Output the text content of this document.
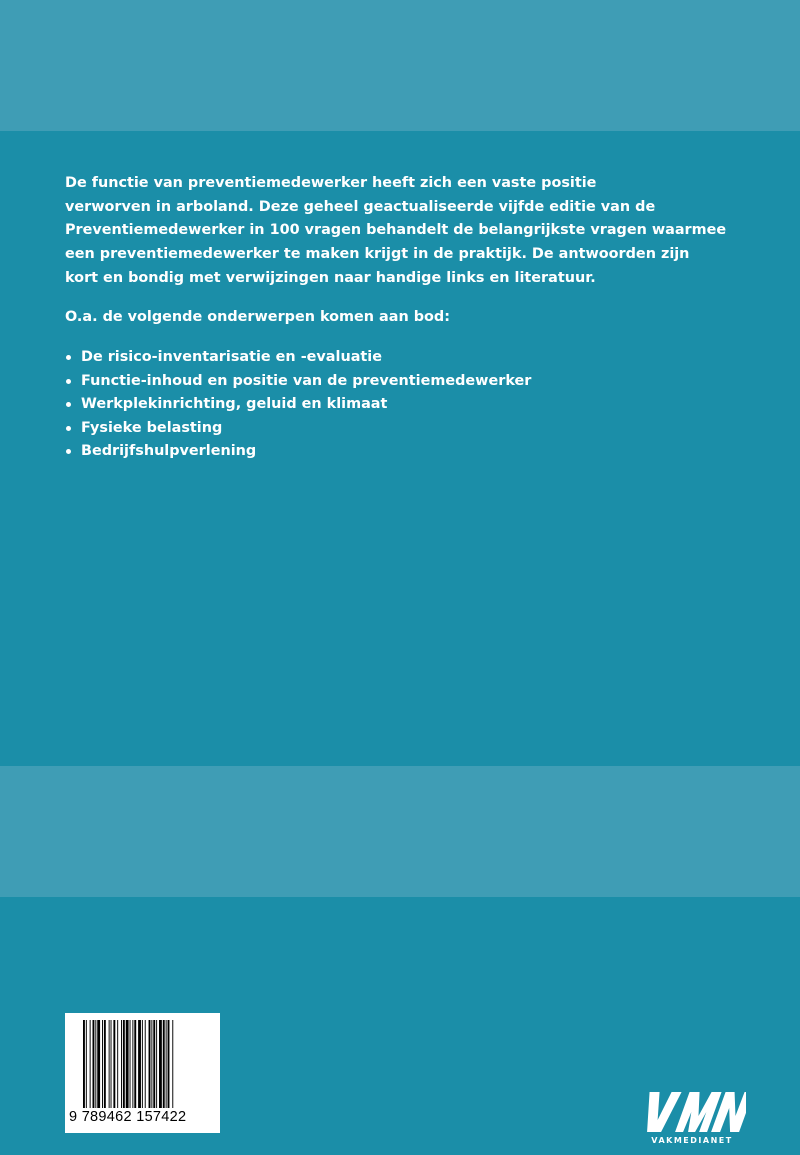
De functie van preventiemedewerker heeft zich een vaste positie
verworven in arboland. Deze geheel geactualiseerde vijfde editie van de
Preventiemedewerker in 100 vragen behandelt de belangrijkste vragen waarmee
een preventiemedewerker te maken krijgt in de praktijk. De antwoorden zijn
kort en bondig met verwijzingen naar handige links en literatuur.

O.a. de volgende onderwerpen komen aan bod:

De risico-inventarisatie en -evaluatie
Functie-inhoud en positie van de preventiemedewerker
Werkplekinrichting, geluid en klimaat
Fysieke belasting
Bedrijfshulpverlening
9 789462 157422
VAKMEDIANET
